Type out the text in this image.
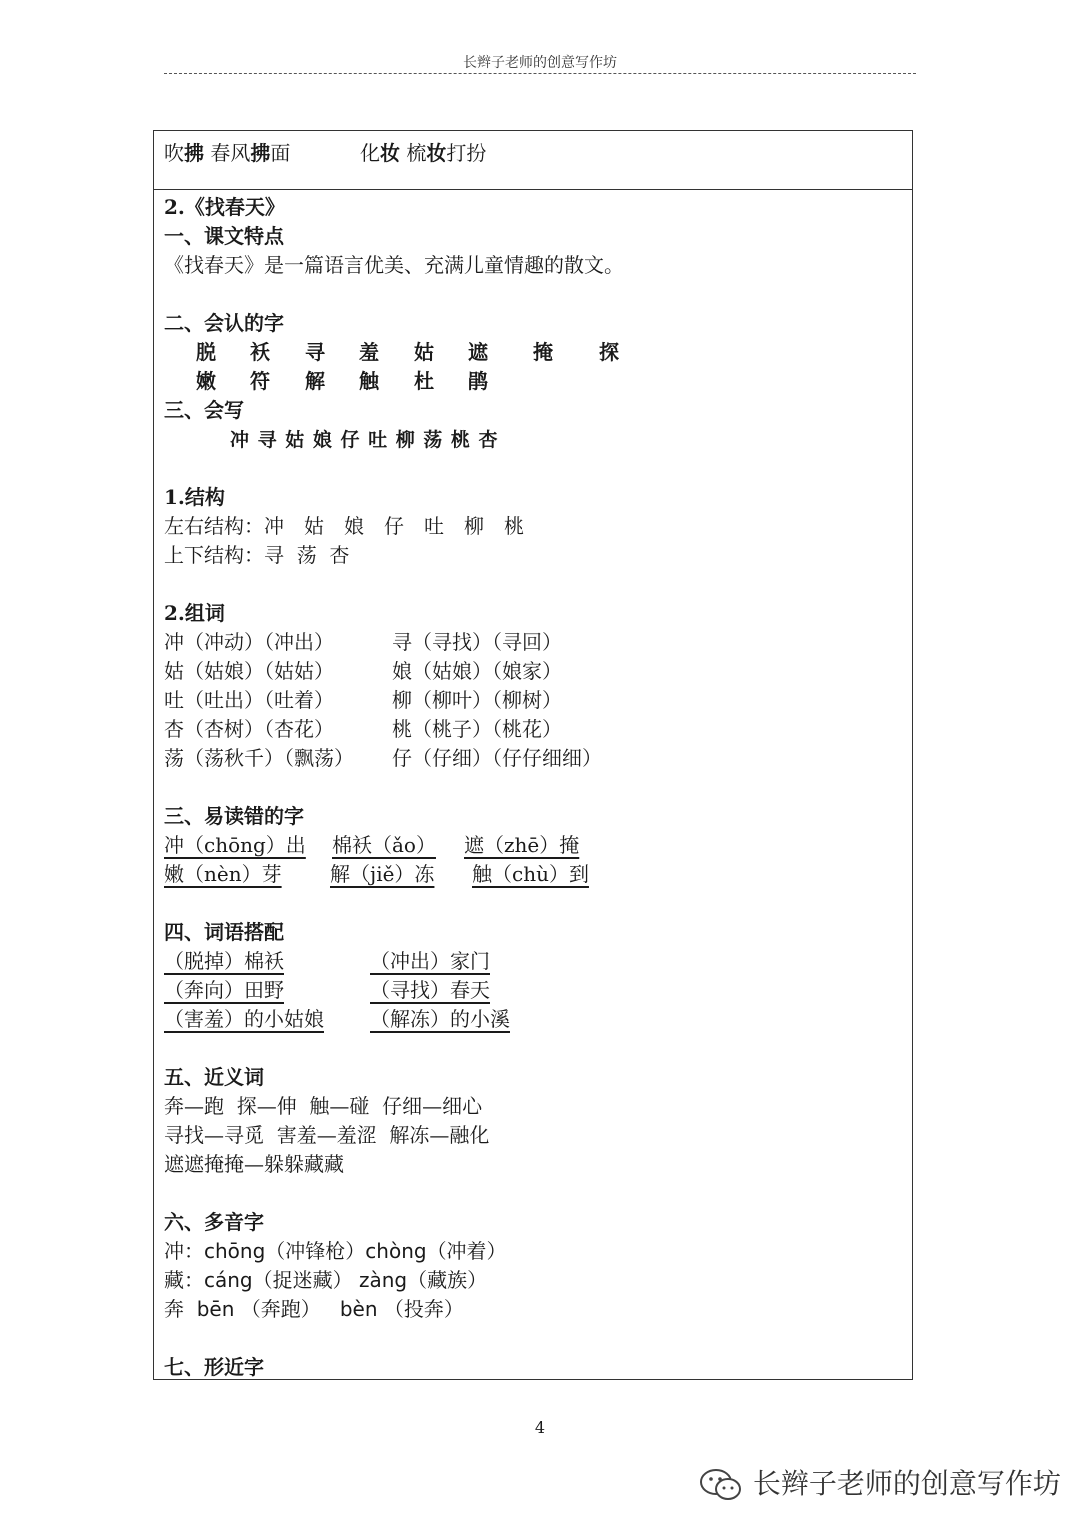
长辫子老师的创意写作坊
吹拂 春风拂面	化妆 梳妆打扮
2.《找春天》
一、课文特点
《找春天》是一篇语言优美、充满儿童情趣的散文。
二、会认的字
脱 袄 寻 羞 姑 遮 掩 探
嫩 符 解 触 杜 鹃
三、会写
冲 寻 姑 娘 仔 吐 柳 荡 桃 杏
1.结构
左右结构：冲　姑　娘　仔　吐　柳　桃
上下结构：寻  荡  杏
2.组词
冲（冲动）（冲出）	寻（寻找）（寻回）
姑（姑娘）（姑姑）	娘（姑娘）（娘家）
吐（吐出）（吐着）	柳（柳叶）（柳树）
杏（杏树）（杏花）	桃（桃子）（桃花）
荡（荡秋千）（飘荡） 仔（仔细）（仔仔细细）
三、易读错的字
冲（chōng）出 棉袄（ǎo） 遮（zhē）掩
嫩（nèn）芽 解（jiě）冻 触（chù）到
四、词语搭配
（脱掉）棉袄	（冲出）家门
（奔向）田野	（寻找）春天
（害羞）的小姑娘 （解冻）的小溪
五、近义词
奔—跑  探—伸  触—碰  仔细—细心
寻找—寻觅  害羞—羞涩  解冻—融化
遮遮掩掩—躲躲藏藏
六、多音字
冲：chōng（冲锋枪）chòng（冲着）
藏：cáng（捉迷藏） zàng（藏族）
奔 bēn （奔跑） bèn （投奔）
七、形近字
4
长辫子老师的创意写作坊
